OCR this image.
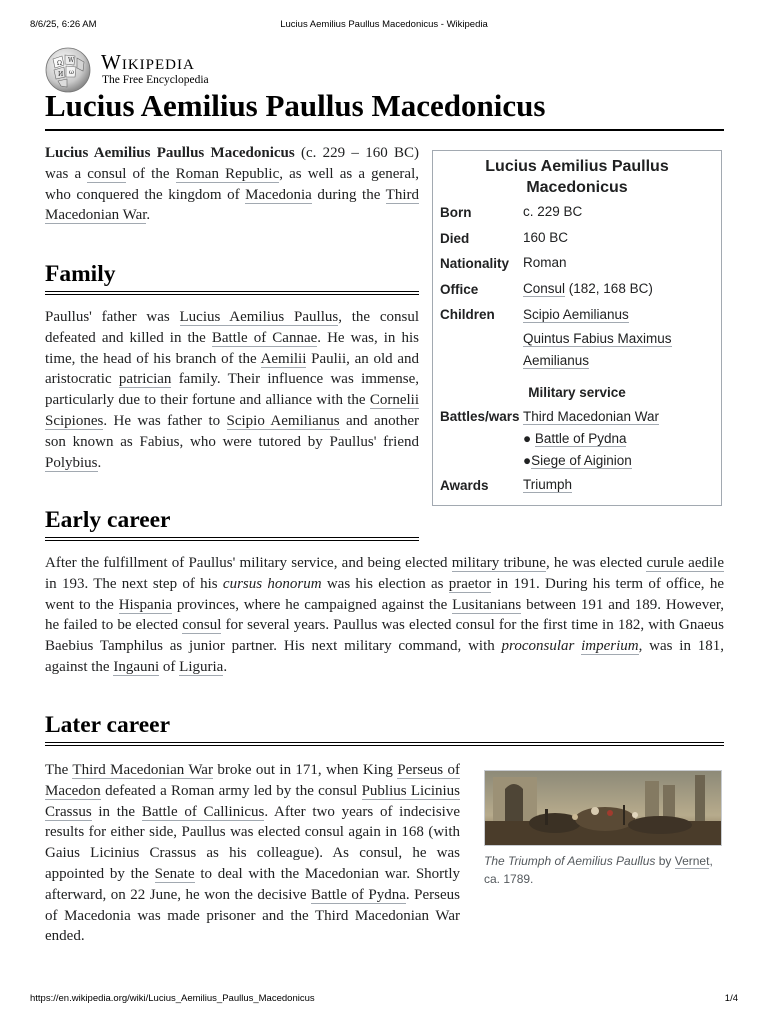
8/6/25, 6:26 AM	Lucius Aemilius Paullus Macedonicus - Wikipedia
Ω W
И ω Wikipedia
The Free Encyclopedia
Lucius Aemilius Paullus Macedonicus

Lucius Aemilius Paullus Macedonicus (c. 229 – 160 BC) was a consul of the Roman Republic, as well as a general, who conquered the kingdom of Macedonia during the Third Macedonian War.

Family

Paullus' father was Lucius Aemilius Paullus, the consul defeated and killed in the Battle of Cannae. He was, in his time, the head of his branch of the Aemilii Paulii, an old and aristocratic patrician family. Their influence was immense, particularly due to their fortune and alliance with the Cornelii Scipiones. He was father to Scipio Aemilianus and another son known as Fabius, who were tutored by Paullus' friend Polybius.

Early career

After the fulfillment of Paullus' military service, and being elected military tribune, he was elected curule aedile in 193. The next step of his cursus honorum was his election as praetor in 191. During his term of office, he went to the Hispania provinces, where he campaigned against the Lusitanians between 191 and 189. However, he failed to be elected consul for several years. Paullus was elected consul for the first time in 182, with Gnaeus Baebius Tamphilus as junior partner. His next military command, with proconsular imperium, was in 181, against the Ingauni of Liguria.

Later career

The Third Macedonian War broke out in 171, when King Perseus of Macedon defeated a Roman army led by the consul Publius Licinius Crassus in the Battle of Callinicus. After two years of indecisive results for either side, Paullus was elected consul again in 168 (with Gaius Licinius Crassus as his colleague). As consul, he was appointed by the Senate to deal with the Macedonian war. Shortly afterward, on 22 June, he won the decisive Battle of Pydna. Perseus of Macedonia was made prisoner and the Third Macedonian War ended.

Lucius Aemilius Paullus Macedonicus
Born	c. 229 BC
Died	160 BC
Nationality Roman
Office	Consul (182, 168 BC)
Children Scipio Aemilianus
Quintus Fabius Maximus Aemilianus
Military service
Battles/wars Third Macedonian War
● Battle of Pydna
●Siege of Aiginion
Awards	Triumph
The Triumph of Aemilius Paullus by Vernet, ca. 1789.
https://en.wikipedia.org/wiki/Lucius_Aemilius_Paullus_Macedonicus	1/4
